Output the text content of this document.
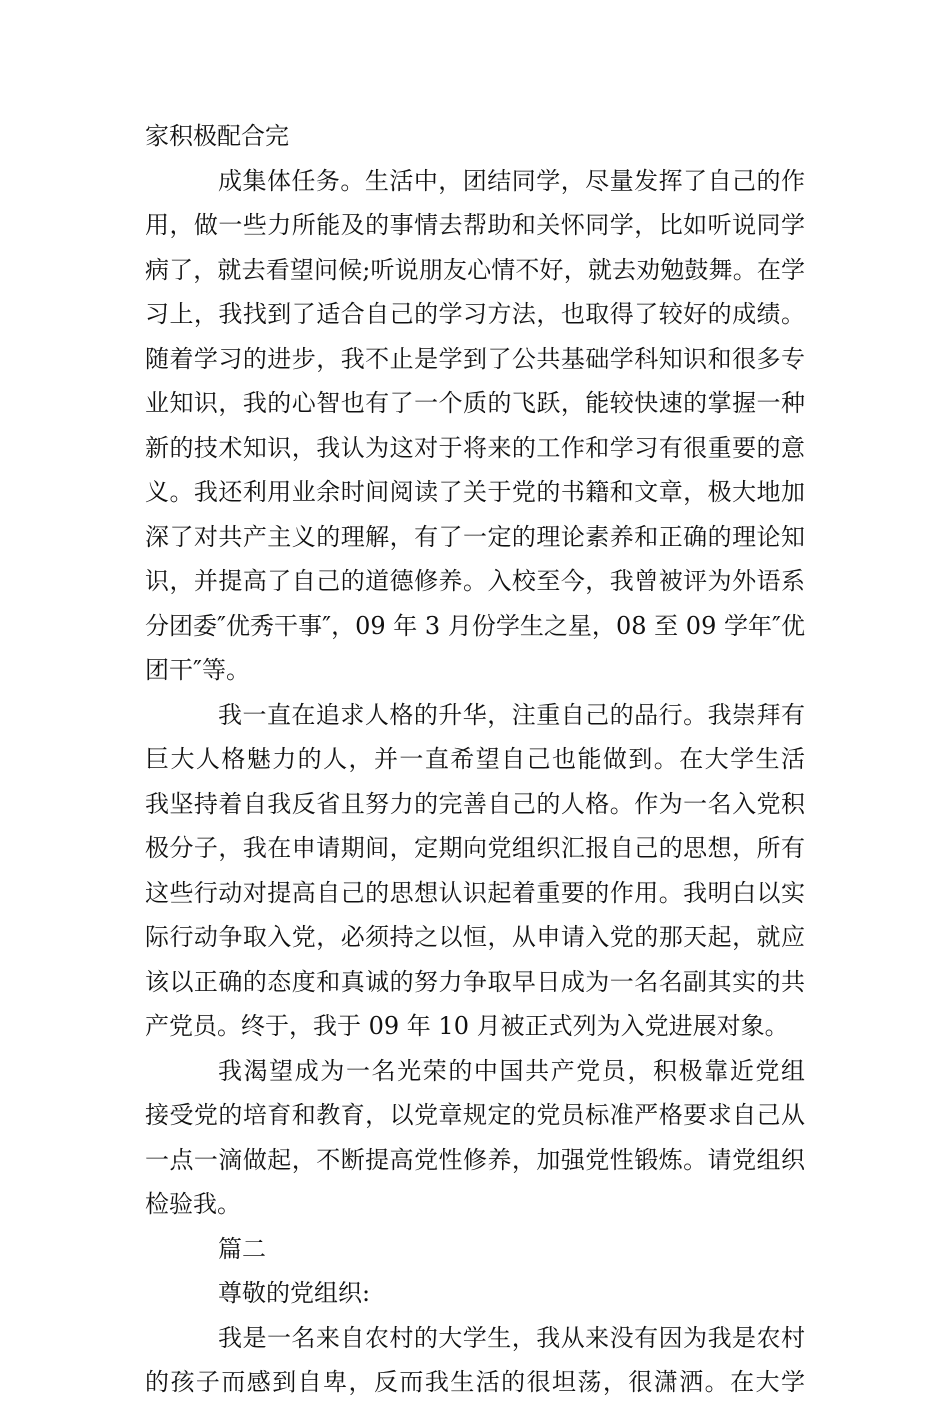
家积极配合完
成集体任务。生活中，团结同学，尽量发挥了自己的作
用，做一些力所能及的事情去帮助和关怀同学，比如听说同学
病了，就去看望问候;听说朋友心情不好，就去劝勉鼓舞。在学
习上，我找到了适合自己的学习方法，也取得了较好的成绩。
随着学习的进步，我不止是学到了公共基础学科知识和很多专
业知识，我的心智也有了一个质的飞跃，能较快速的掌握一种
新的技术知识，我认为这对于将来的工作和学习有很重要的意
义。我还利用业余时间阅读了关于党的书籍和文章，极大地加
深了对共产主义的理解，有了一定的理论素养和正确的理论知
识，并提高了自己的道德修养。入校至今，我曾被评为外语系
分团委″优秀干事″，09 年 3 月份学生之星，08 至 09 学年″优
团干″等。
我一直在追求人格的升华，注重自己的品行。我崇拜有
巨大人格魅力的人，并一直希望自己也能做到。在大学生活
我坚持着自我反省且努力的完善自己的人格。作为一名入党积
极分子，我在申请期间，定期向党组织汇报自己的思想，所有
这些行动对提高自己的思想认识起着重要的作用。我明白以实
际行动争取入党，必须持之以恒，从申请入党的那天起，就应
该以正确的态度和真诚的努力争取早日成为一名名副其实的共
产党员。终于，我于 09 年 10 月被正式列为入党进展对象。
我渴望成为一名光荣的中国共产党员，积极靠近党组
接受党的培育和教育，以党章规定的党员标准严格要求自己从
一点一滴做起，不断提高党性修养，加强党性锻炼。请党组织
检验我。
篇二
尊敬的党组织:
我是一名来自农村的大学生，我从来没有因为我是农村
的孩子而感到自卑，反而我生活的很坦荡，很潇洒。在大学
